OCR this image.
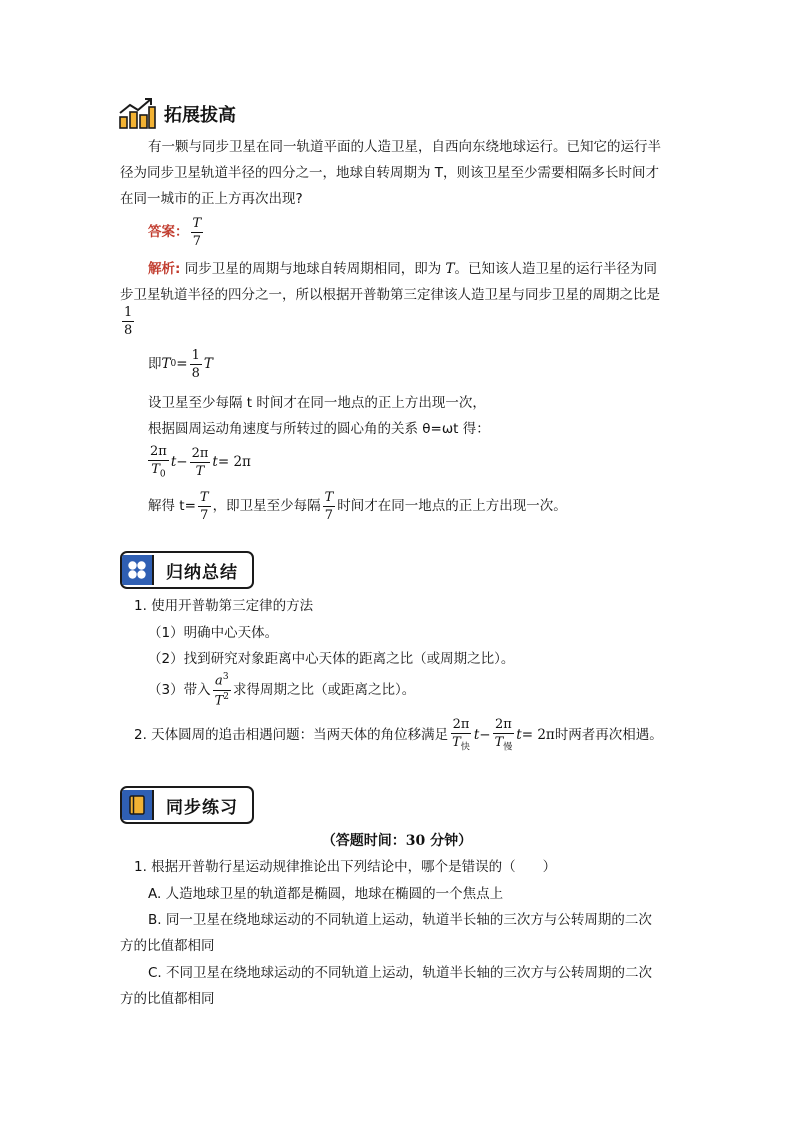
拓展拔高
有一颗与同步卫星在同一轨道平面的人造卫星，自西向东绕地球运行。已知它的运行半
径为同步卫星轨道半径的四分之一，地球自转周期为 T，则该卫星至少需要相隔多长时间才
在同一城市的正上方再次出现?
答案： $\frac{T}{7}$
解析: 同步卫星的周期与地球自转周期相同，即为 T。已知该人造卫星的运行半径为同
步卫星轨道半径的四分之一，所以根据开普勒第三定律该人造卫星与同步卫星的周期之比是
$\frac{1}{8}$
即 T $0 = \frac{1}{8}$ T
设卫星至少每隔 t 时间才在同一地点的正上方出现一次，
根据圆周运动角速度与所转过的圆心角的关系 θ=ωt 得：
$\frac{2\pi}{T_0}$ $t - \frac{2\pi}{T}$ t = 2π
解得 $t= \frac{T}{7}$ ，即卫星至少每隔 $\frac{T}{7}$ 时间才在同一地点的正上方出现一次。
归纳总结
1. 使用开普勒第三定律的方法
（1）明确中心天体。
（2）找到研究对象距离中心天体的距离之比（或周期之比）。
（3）带入 $\frac{a^3}{T^2}$ 求得周期之比（或距离之比）。
2. 天体圆周的追击相遇问题：当两天体的角位移满足 $\frac{2\pi}{T_快}$ $t - \frac{2\pi}{T_慢}$ t = 2π 时两者再次相遇。
同步练习
（答题时间：30 分钟）
1. 根据开普勒行星运动规律推论出下列结论中，哪个是错误的（　　）
A. 人造地球卫星的轨道都是椭圆，地球在椭圆的一个焦点上
B. 同一卫星在绕地球运动的不同轨道上运动，轨道半长轴的三次方与公转周期的二次
方的比值都相同
C. 不同卫星在绕地球运动的不同轨道上运动，轨道半长轴的三次方与公转周期的二次
方的比值都相同
